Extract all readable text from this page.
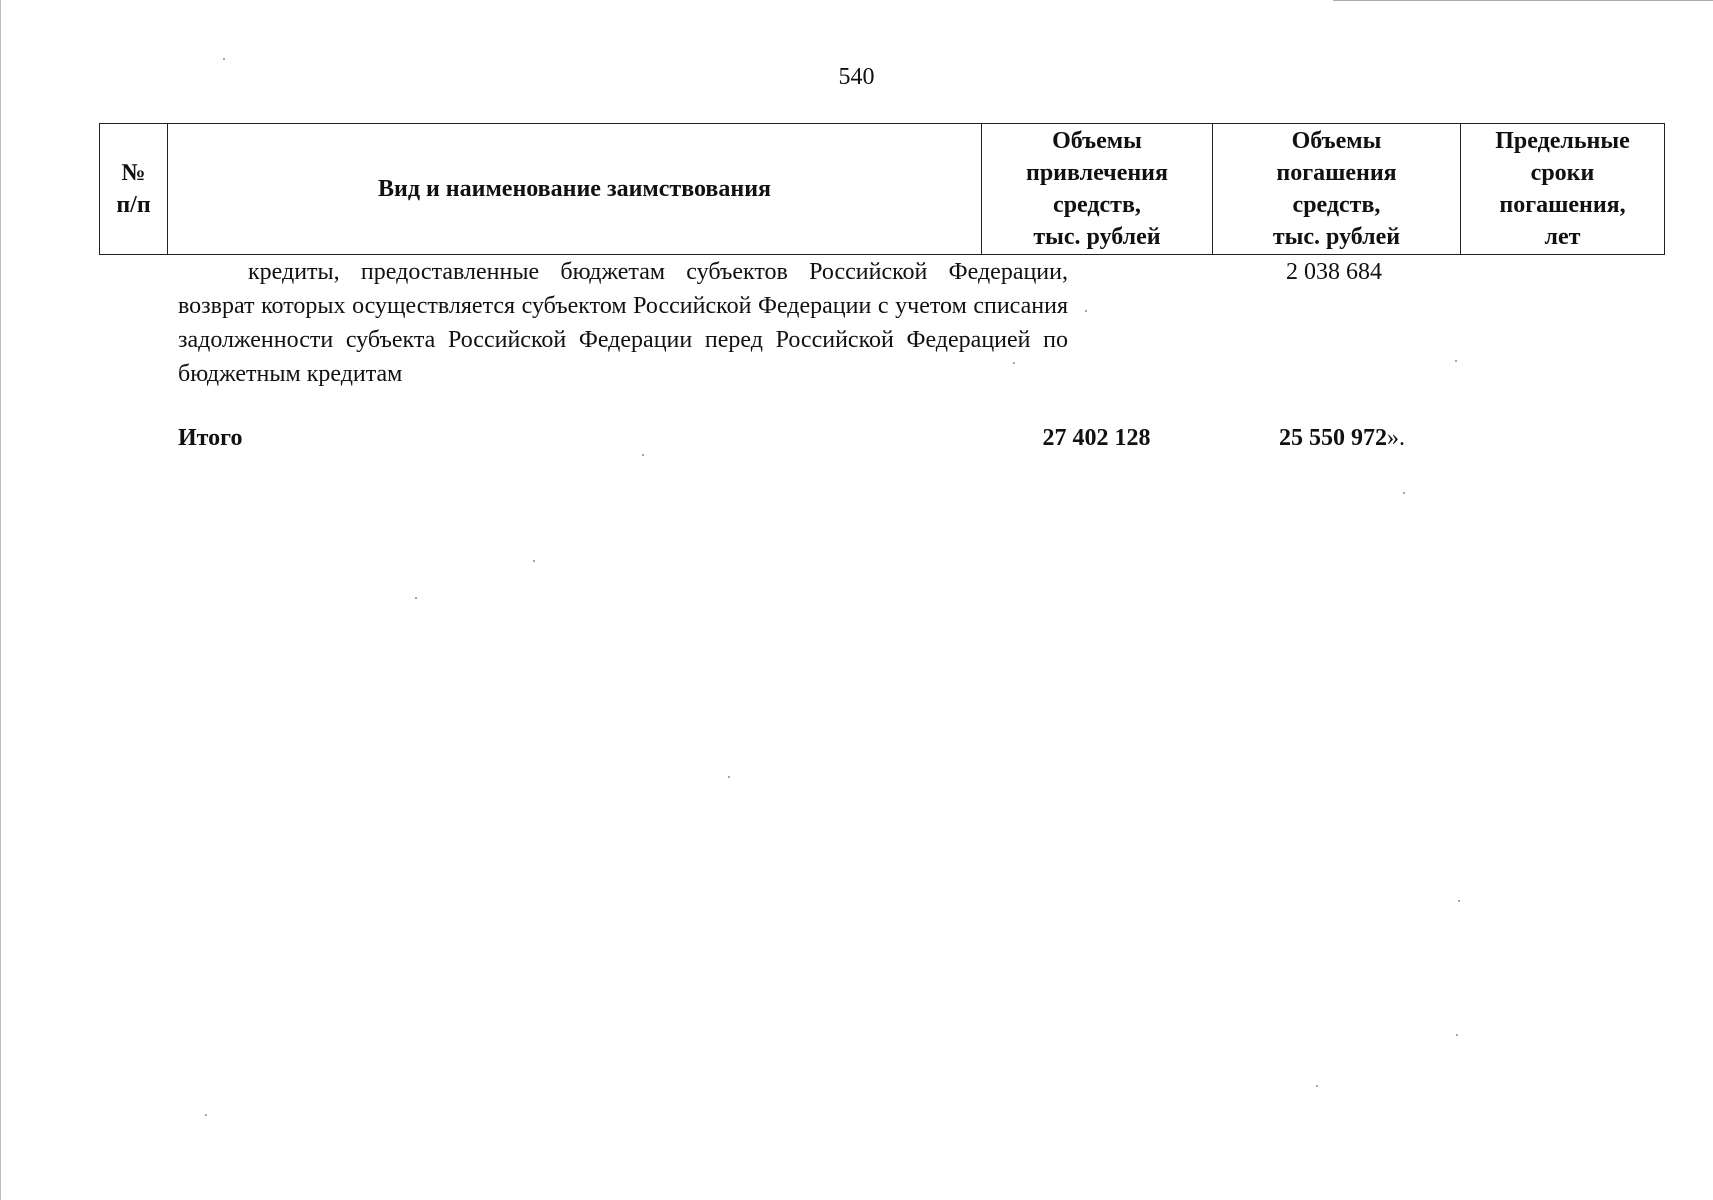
540
№
п/п
Вид и наименование заимствования
Объемы
привлечения
средств,
тыс. рублей
Объемы
погашения
средств,
тыс. рублей
Предельные
сроки
погашения,
лет
кредиты, предоставленные бюджетам субъектов Российской Федерации, возврат которых осуществляется субъектом Российской Федерации с учетом списания задолженности субъекта Российской Федерации перед Российской Федерацией по бюджетным кредитам
2 038 684
Итого	27 402 128	25 550 972».
